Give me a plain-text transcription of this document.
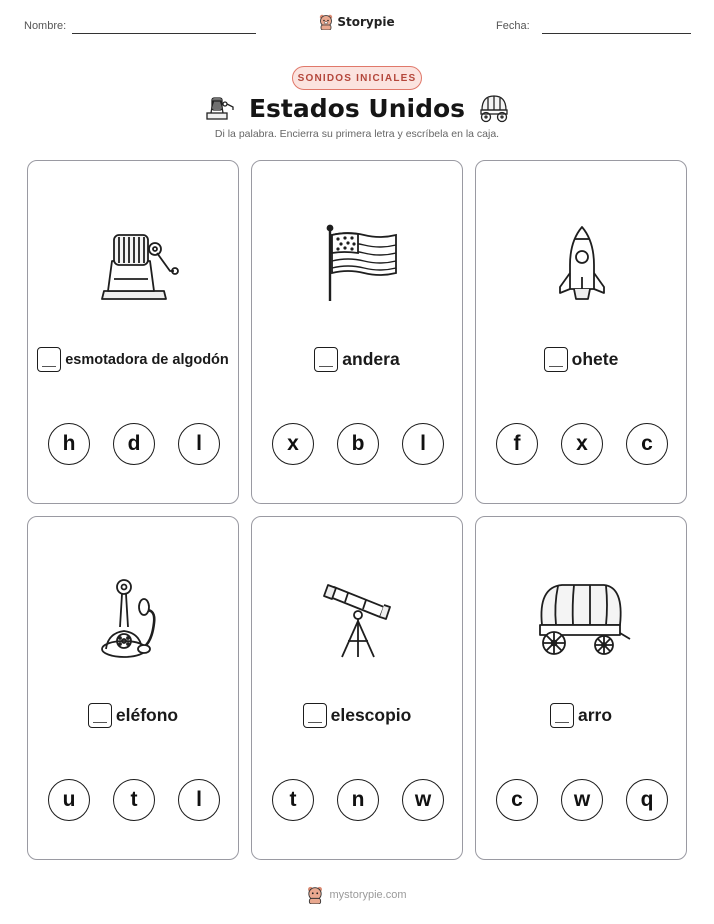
Nombre:	Storypie	Fecha:
SONIDOS INICIALES
Estados Unidos
Di la palabra. Encierra su primera letra y escríbela en la caja.
esmotadora de algodón
h	d	l
andera
x	b	l
ohete
f	x	c
eléfono
u	t	l
elescopio
t	n	w
arro
c	w	q
mystorypie.com
